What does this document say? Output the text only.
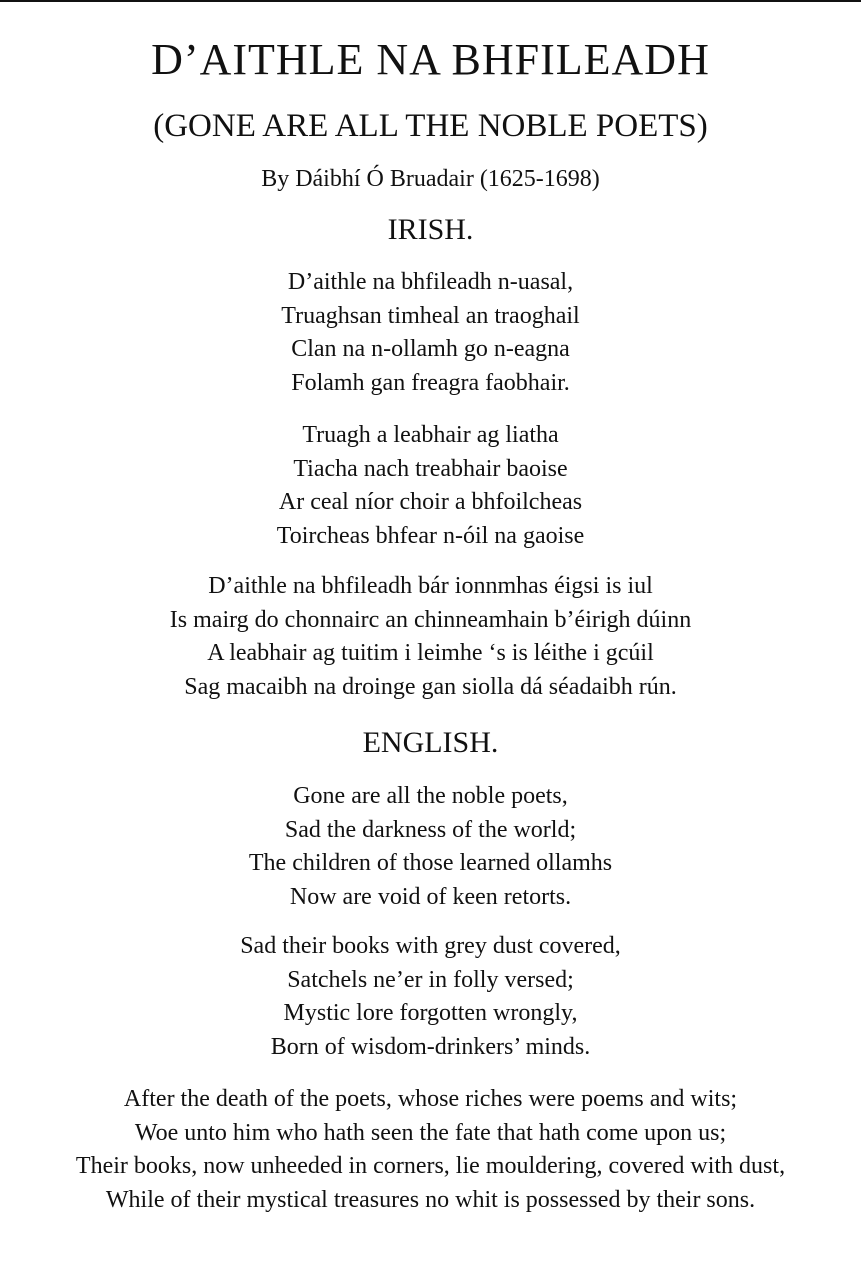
D’AITHLE NA BHFILEADH
(GONE ARE ALL THE NOBLE POETS)
By Dáibhí Ó Bruadair (1625-1698)
IRISH.
D’aithle na bhfileadh n-uasal,
Truaghsan timheal an traoghail
Clan na n-ollamh go n-eagna
Folamh gan freagra faobhair.
Truagh a leabhair ag liatha
Tiacha nach treabhair baoise
Ar ceal níor choir a bhfoilcheas
Toircheas bhfear n-óil na gaoise
D’aithle na bhfileadh bár ionnmhas éigsi is iul
Is mairg do chonnairc an chinneamhain b’éirigh dúinn
A leabhair ag tuitim i leimhe ‘s is léithe i gcúil
Sag macaibh na droinge gan siolla dá séadaibh rún.
ENGLISH.
Gone are all the noble poets,
Sad the darkness of the world;
The children of those learned ollamhs
Now are void of keen retorts.
Sad their books with grey dust covered,
Satchels ne’er in folly versed;
Mystic lore forgotten wrongly,
Born of wisdom-drinkers’ minds.
After the death of the poets, whose riches were poems and wits;
Woe unto him who hath seen the fate that hath come upon us;
Their books, now unheeded in corners, lie mouldering, covered with dust,
While of their mystical treasures no whit is possessed by their sons.
